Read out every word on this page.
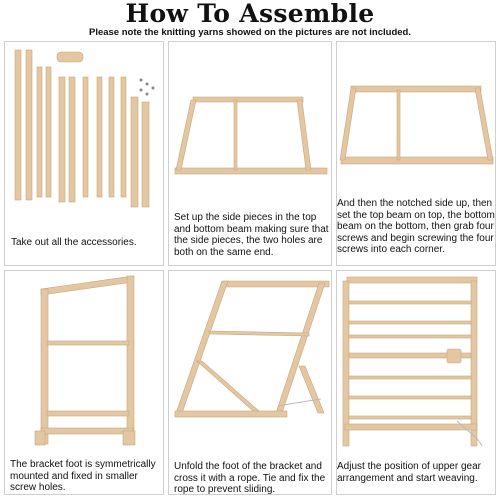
How To Assemble
Please note the knitting yarns showed on the pictures are not included.
Take out all the accessories.
Set up the side pieces in the top and bottom beam making sure that the side pieces, the two holes are both on the same end.
And then the notched side up, then set the top beam on top, the bottom beam on the bottom, then grab four screws and begin screwing the four screws into each corner.
The bracket foot is symmetrically mounted and fixed in smaller screw holes.
Unfold the foot of the bracket and cross it with a rope. Tie and fix the rope to prevent sliding.
Adjust the position of upper gear arrangement and start weaving.
